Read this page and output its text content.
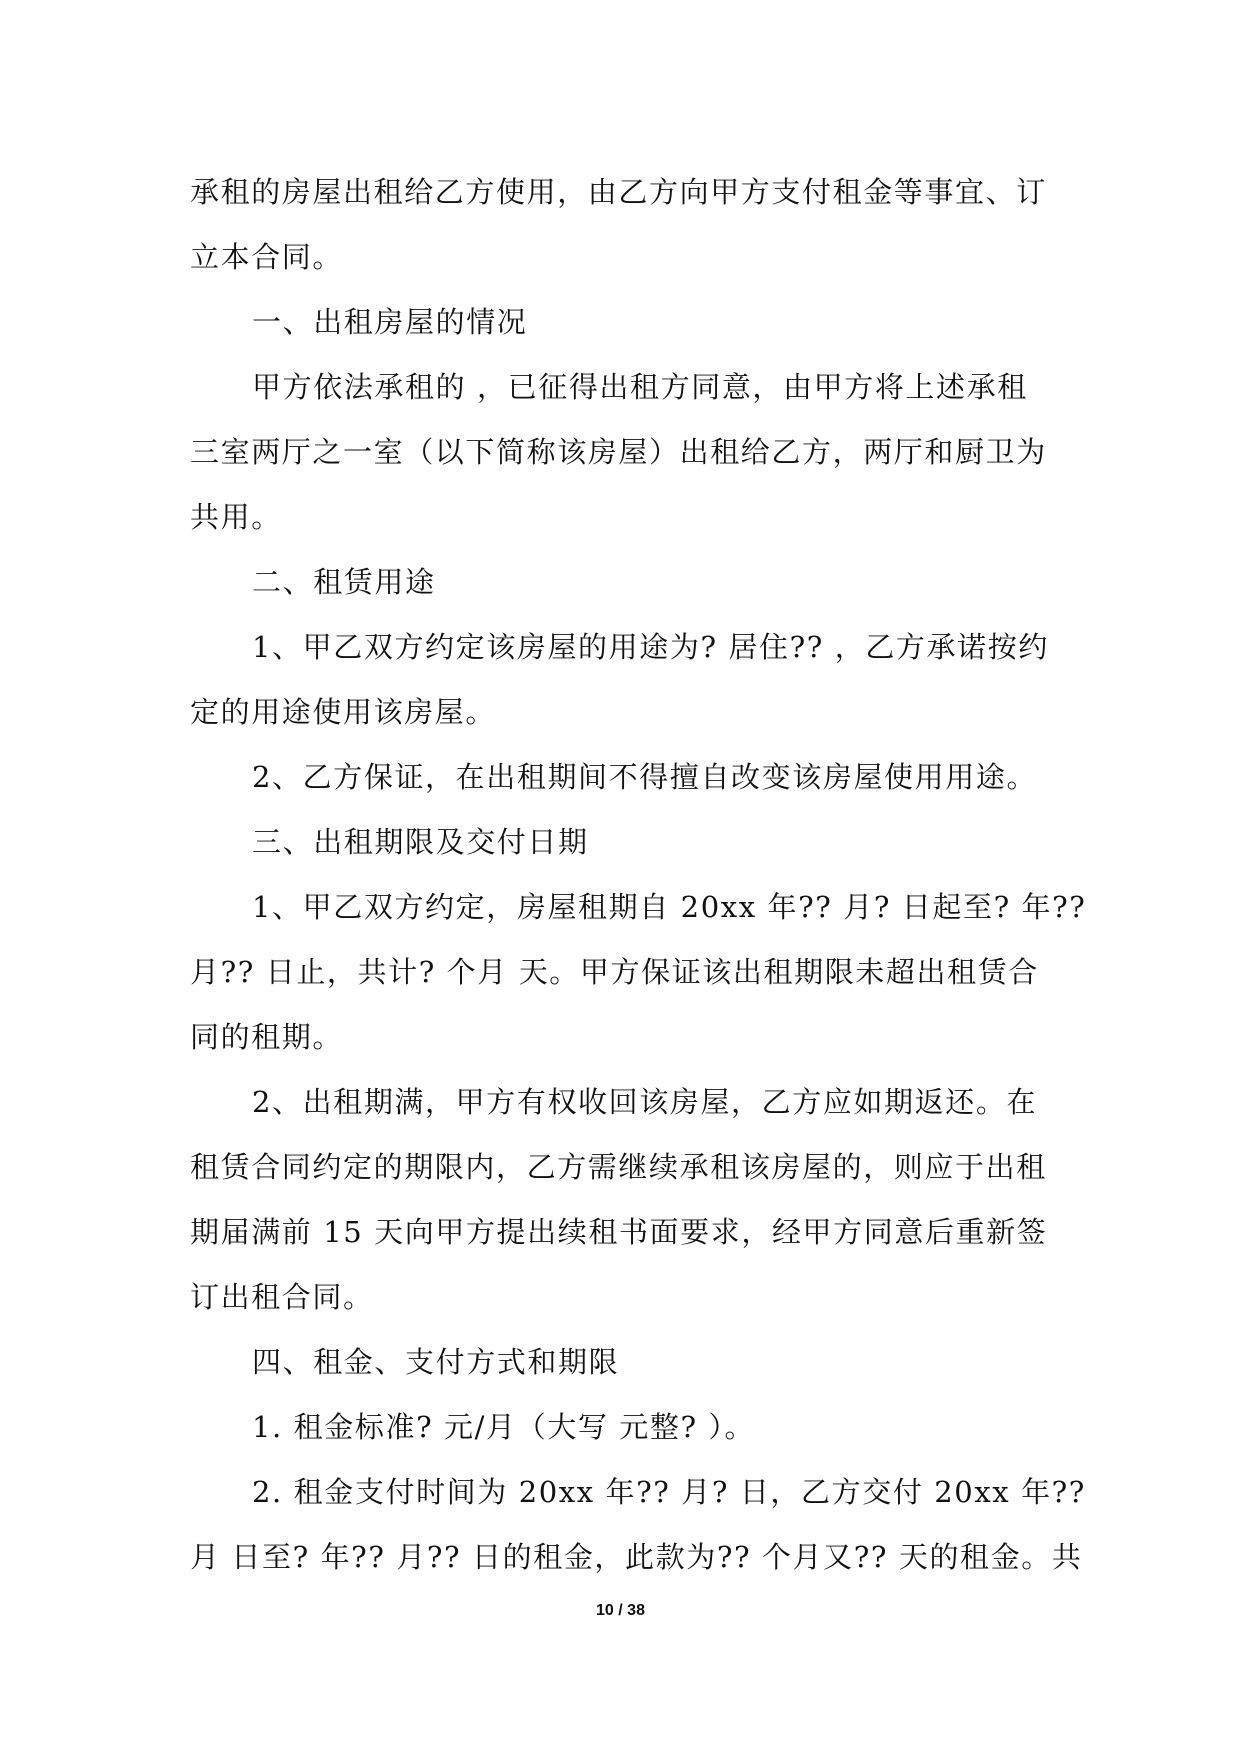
承租的房屋出租给乙方使用，由乙方向甲方支付租金等事宜、订
立本合同。
一、出租房屋的情况
甲方依法承租的 ，已征得出租方同意，由甲方将上述承租
三室两厅之一室（以下简称该房屋）出租给乙方，两厅和厨卫为
共用。
二、租赁用途
1、甲乙双方约定该房屋的用途为? 居住?? ，乙方承诺按约
定的用途使用该房屋。
2、乙方保证，在出租期间不得擅自改变该房屋使用用途。
三、出租期限及交付日期
1、甲乙双方约定，房屋租期自 20xx 年?? 月? 日起至? 年??
月?? 日止，共计? 个月 天。甲方保证该出租期限未超出租赁合
同的租期。
2、出租期满，甲方有权收回该房屋，乙方应如期返还。在
租赁合同约定的期限内，乙方需继续承租该房屋的，则应于出租
期届满前 15 天向甲方提出续租书面要求，经甲方同意后重新签
订出租合同。
四、租金、支付方式和期限
1. 租金标准? 元/月（大写 元整? ）。
2. 租金支付时间为 20xx 年?? 月? 日，乙方交付 20xx 年??
月 日至? 年?? 月?? 日的租金，此款为?? 个月又?? 天的租金。共
10 / 38
